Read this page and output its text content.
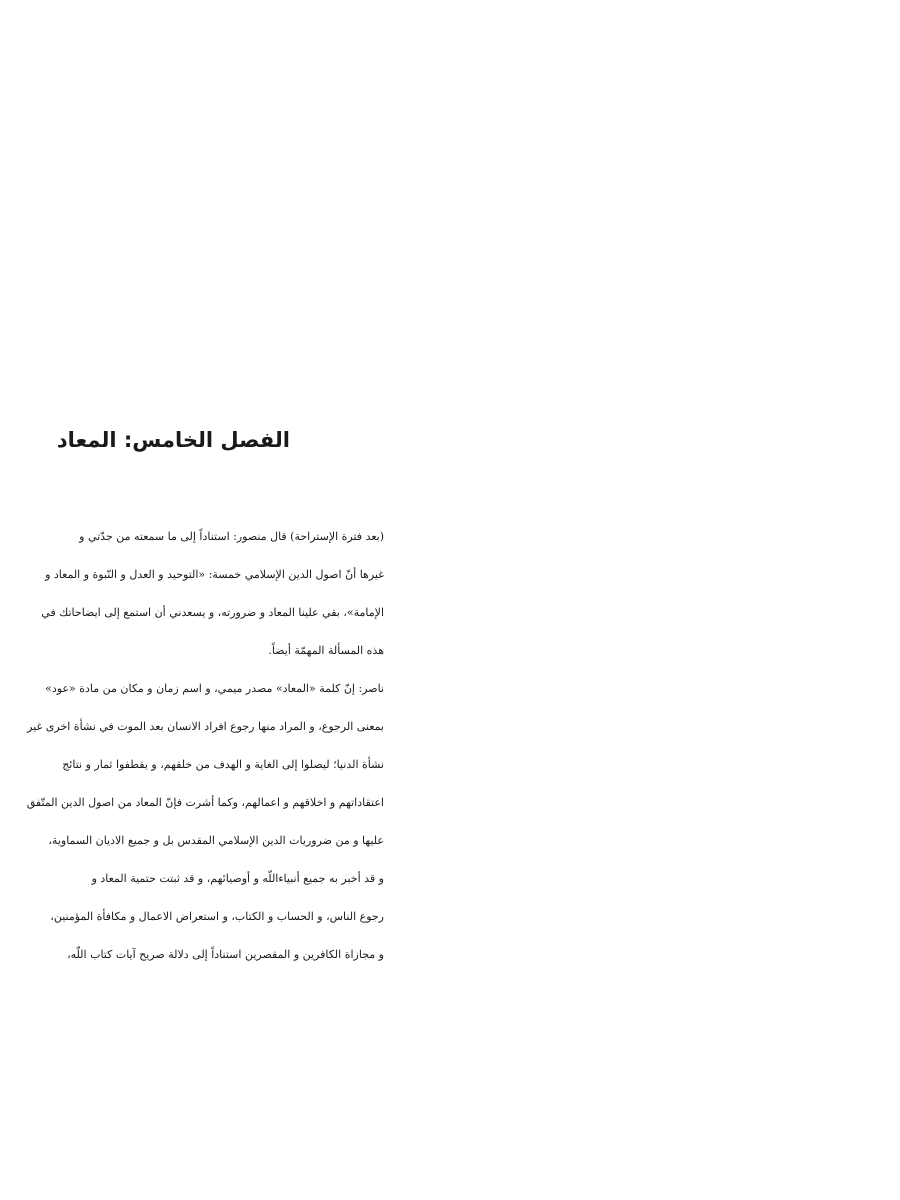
الفصل الخامس: المعاد
(بعد فترة الإستراحة) قال منصور: استناداً إلى ما سمعته من جدّتي و
غيرها أنّ اصول الدين الإسلامي خمسة: «التوحيد و العدل و النّبوة و المعاد و
الإمامة»، بقي علينا المعاد و ضرورته، و يسعدني أن استمع إلى ايضاحاتك في
هذه المسألة المهمّة أيضاً.
ناصر: إنّ كلمة «المعاد» مصدر ميمي، و اسم زمان و مكان من مادة «عود»
بمعنى الرجوع، و المراد منها رجوع افراد الانسان بعد الموت في نشأة اخرى غير
نشأة الدنيا؛ ليصلوا إلى الغاية و الهدف من خلقهم، و يقطفوا ثمار و نتائج
اعتقاداتهم و اخلاقهم و اعمالهم، وكما أشرت فإنّ المعاد من اصول الدين المتّفق
عليها و من ضروريات الدين الإسلامي المقدس بل و جميع الاديان السماوية،
و قد أخبر به جميع أنبياءاللّه و أوصيائهم، و قد ثبتت حتمية المعاد و
رجوع الناس، و الحساب و الكتاب، و استعراض الاعمال و مكافأة المؤمنين،
و مجازاة الكافرين و المقصرين استناداً إلى دلالة صريح آيات كتاب اللّه،
